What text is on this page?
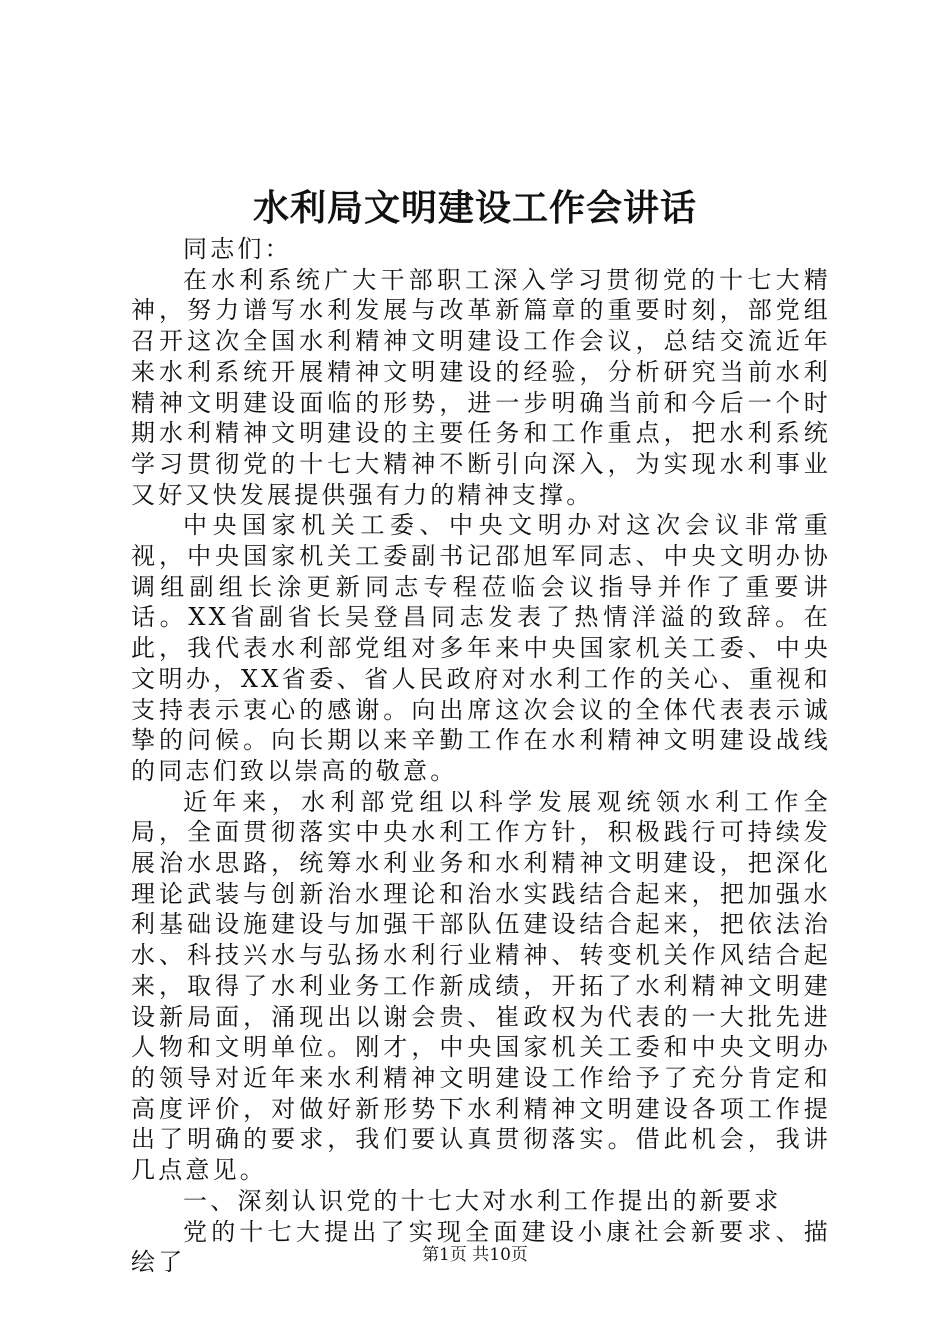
水利局文明建设工作会讲话

同志们：

在水利系统广大干部职工深入学习贯彻党的十七大精神，努力谱写水利发展与改革新篇章的重要时刻，部党组召开这次全国水利精神文明建设工作会议，总结交流近年来水利系统开展精神文明建设的经验，分析研究当前水利精神文明建设面临的形势，进一步明确当前和今后一个时期水利精神文明建设的主要任务和工作重点，把水利系统学习贯彻党的十七大精神不断引向深入，为实现水利事业又好又快发展提供强有力的精神支撑。

中央国家机关工委、中央文明办对这次会议非常重视，中央国家机关工委副书记邵旭军同志、中央文明办协调组副组长涂更新同志专程莅临会议指导并作了重要讲话。XX省副省长吴登昌同志发表了热情洋溢的致辞。在此，我代表水利部党组对多年来中央国家机关工委、中央文明办，XX省委、省人民政府对水利工作的关心、重视和支持表示衷心的感谢。向出席这次会议的全体代表表示诚挚的问候。向长期以来辛勤工作在水利精神文明建设战线的同志们致以崇高的敬意。

近年来，水利部党组以科学发展观统领水利工作全局，全面贯彻落实中央水利工作方针，积极践行可持续发展治水思路，统筹水利业务和水利精神文明建设，把深化理论武装与创新治水理论和治水实践结合起来，把加强水利基础设施建设与加强干部队伍建设结合起来，把依法治水、科技兴水与弘扬水利行业精神、转变机关作风结合起来，取得了水利业务工作新成绩，开拓了水利精神文明建设新局面，涌现出以谢会贵、崔政权为代表的一大批先进人物和文明单位。刚才，中央国家机关工委和中央文明办的领导对近年来水利精神文明建设工作给予了充分肯定和高度评价，对做好新形势下水利精神文明建设各项工作提出了明确的要求，我们要认真贯彻落实。借此机会，我讲几点意见。

一、深刻认识党的十七大对水利工作提出的新要求

党的十七大提出了实现全面建设小康社会新要求、描绘了	第1页 共10页
